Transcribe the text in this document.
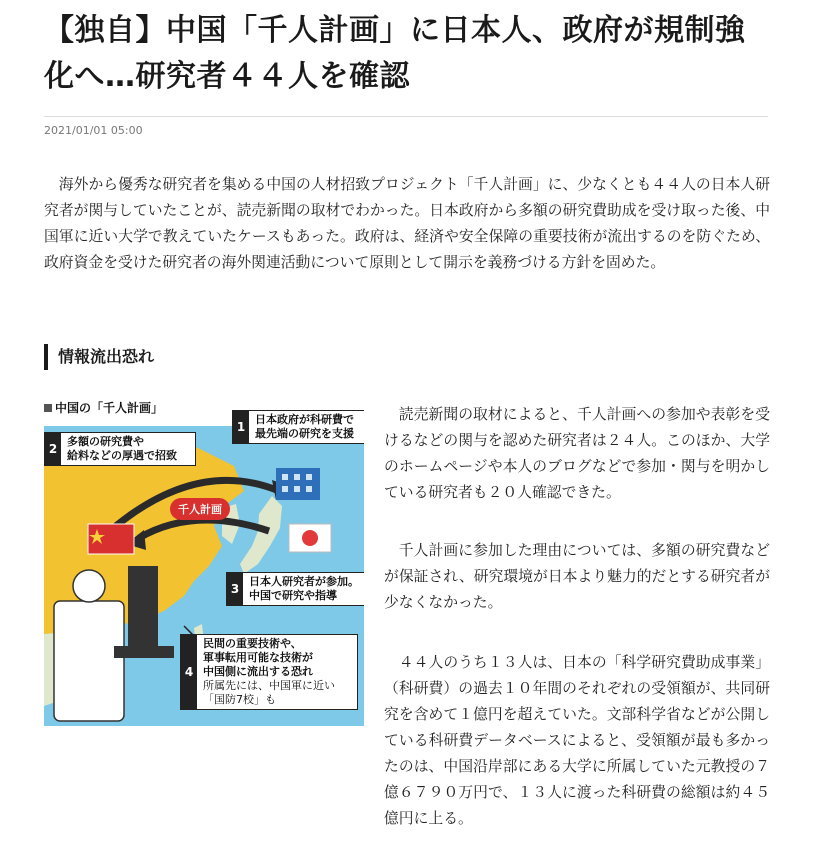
【独自】中国「千人計画」に日本人、政府が規制強化へ…研究者４４人を確認
2021/01/01 05:00

海外から優秀な研究者を集める中国の人材招致プロジェクト「千人計画」に、少なくとも４４人の日本人研究者が関与していたことが、読売新聞の取材でわかった。日本政府から多額の研究費助成を受け取った後、中国軍に近い大学で教えていたケースもあった。政府は、経済や安全保障の重要技術が流出するのを防ぐため、政府資金を受けた研究者の海外関連活動について原則として開示を義務づける方針を固めた。

情報流出恐れ
中国の「千人計画」
1
日本政府が科研費で
最先端の研究を支援
2
多額の研究費や
給料などの厚遇で招致
千人計画
3
日本人研究者が参加。
中国で研究や指導
4
民間の重要技術や、
軍事転用可能な技術が
中国側に流出する恐れ
所属先には、中国軍に近い
「国防7校」も

読売新聞の取材によると、千人計画への参加や表彰を受けるなどの関与を認めた研究者は２４人。このほか、大学のホームページや本人のブログなどで参加・関与を明かしている研究者も２０人確認できた。

千人計画に参加した理由については、多額の研究費などが保証され、研究環境が日本より魅力的だとする研究者が少なくなかった。

４４人のうち１３人は、日本の「科学研究費助成事業」（科研費）の過去１０年間のそれぞれの受領額が、共同研究を含めて１億円を超えていた。文部科学省などが公開している科研費データベースによると、受領額が最も多かったのは、中国沿岸部にある大学に所属していた元教授の７億６７９０万円で、１３人に渡った科研費の総額は約４５億円に上る。
